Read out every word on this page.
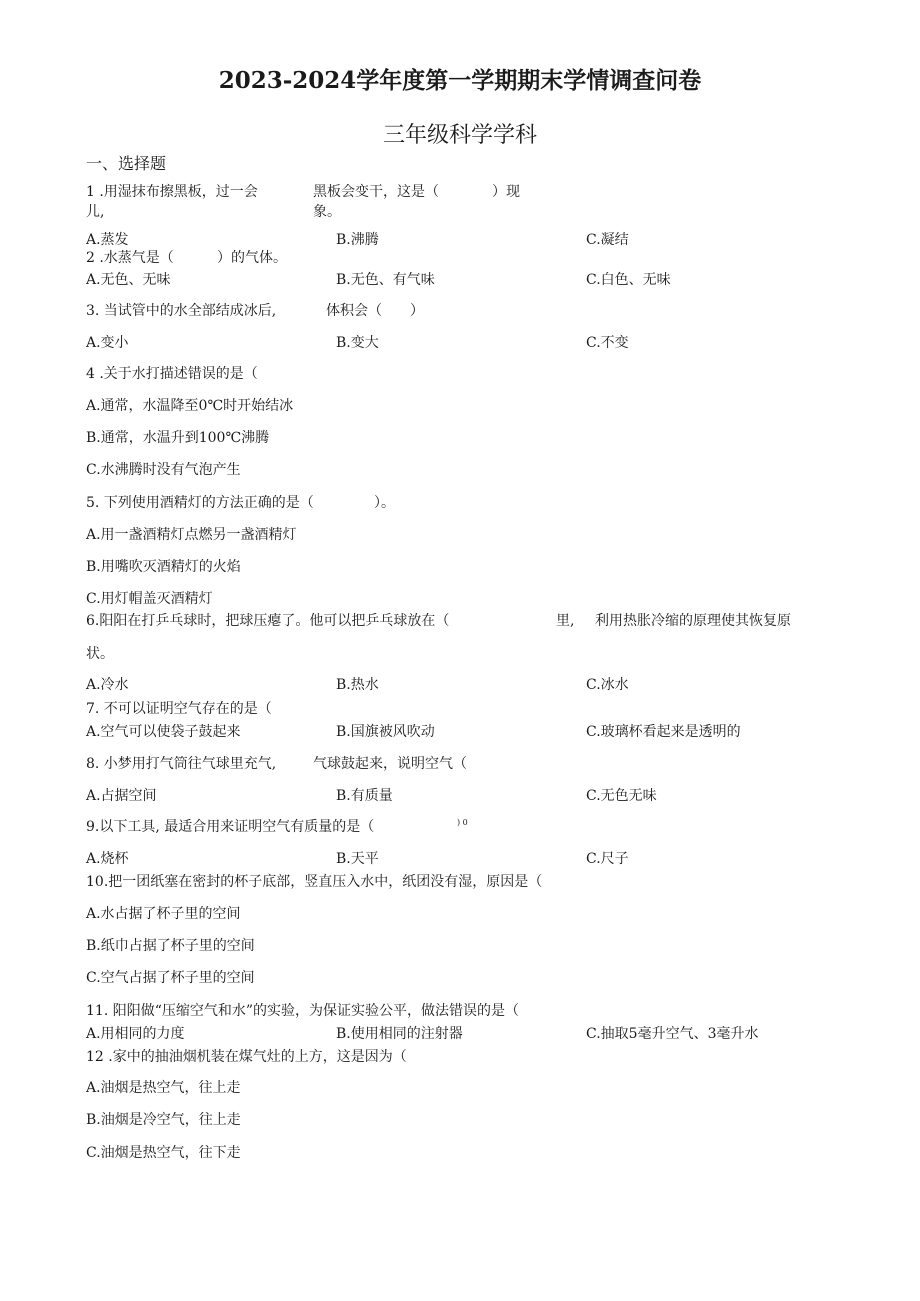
2023-2024学年度第一学期期末学情调查问卷
三年级科学学科
一、选择题
1 .用湿抹布擦黑板，过一会
儿,
黑板会变干，这是（	）现
象。
A.蒸发	B.沸腾	C.凝结
2 .水蒸气是（	）的气体。
A.无色、无味	B.无色、有气味	C.白色、无味
3. 当试管中的水全部结成冰后,	体积会（ ）
A.变小	B.变大	C.不变
4 .关于水打描述错误的是（
A.通常，水温降至0℃时开始结冰
B.通常，水温升到100℃沸腾
C.水沸腾时没有气泡产生
5. 下列使用酒精灯的方法正确的是（	）。
A.用一盏酒精灯点燃另一盏酒精灯
B.用嘴吹灭酒精灯的火焰
C.用灯帽盖灭酒精灯
6.阳阳在打乒乓球时，把球压瘪了。他可以把乒乓球放在（	里, 利用热胀冷缩的原理使其恢复原
状。
A.冷水	B.热水	C.冰水
7. 不可以证明空气存在的是（
A.空气可以使袋子鼓起来	B.国旗被风吹动	C.玻璃杯看起来是透明的
8. 小梦用打气筒往气球里充气,	气球鼓起来，说明空气（
A.占据空间	B.有质量	C.无色无味
9.以下工具, 最适合用来证明空气有质量的是（	) 0
A.烧杯	B.天平	C.尺子
10.把一团纸塞在密封的杯子底部，竖直压入水中，纸团没有湿，原因是（
A.水占据了杯子里的空间
B.纸巾占据了杯子里的空间
C.空气占据了杯子里的空间
11. 阳阳做“压缩空气和水”的实验，为保证实验公平，做法错误的是（
A.用相同的力度	B.使用相同的注射器	C.抽取5毫升空气、3毫升水
12 .家中的抽油烟机装在煤气灶的上方，这是因为（
A.油烟是热空气，往上走
B.油烟是冷空气，往上走
C.油烟是热空气，往下走
